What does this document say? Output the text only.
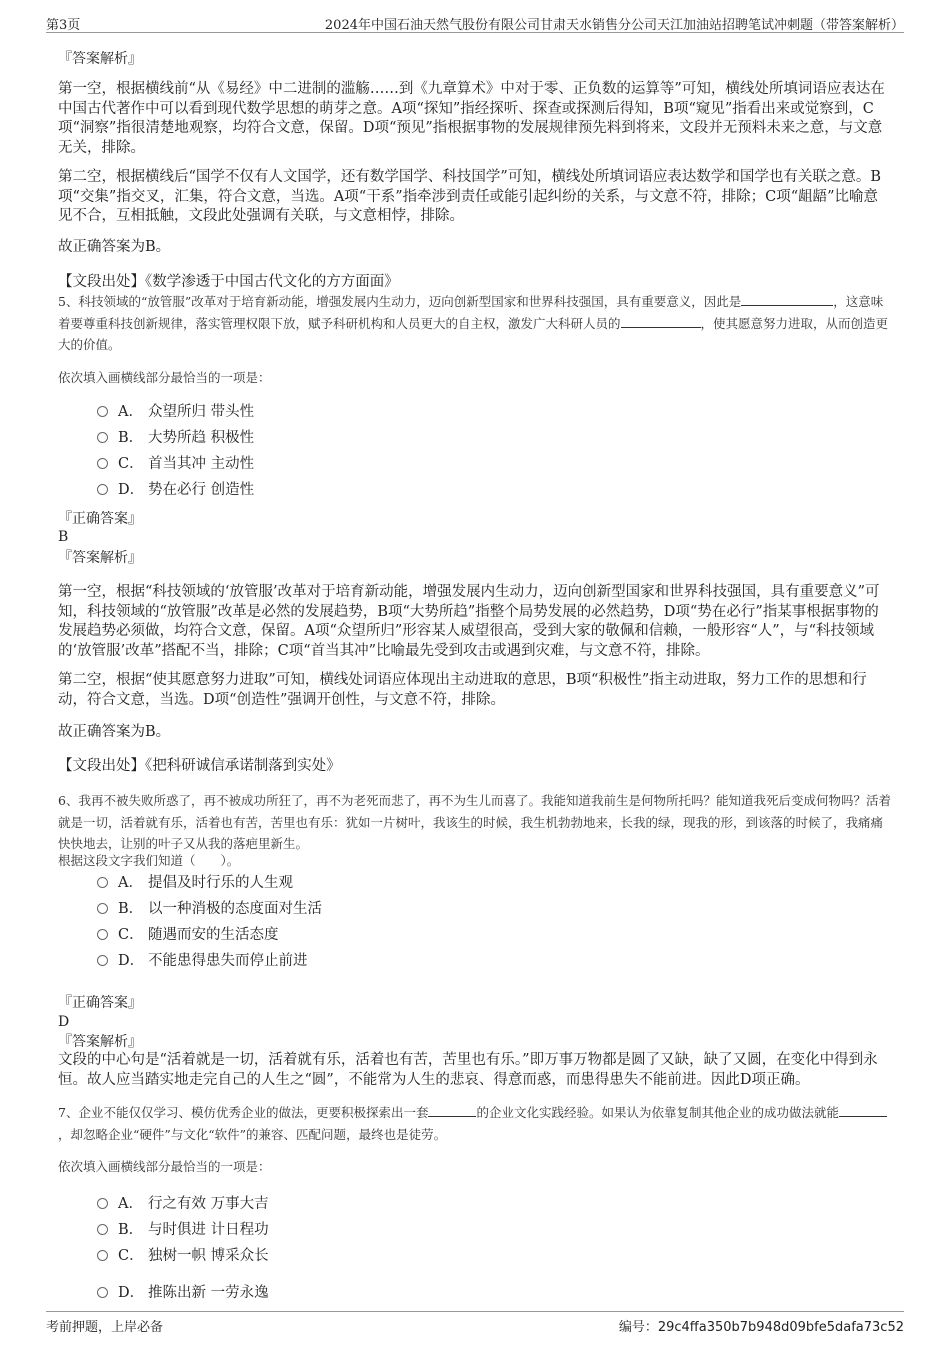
第3页	2024年中国石油天然气股份有限公司甘肃天水销售分公司天江加油站招聘笔试冲刺题（带答案解析）
『答案解析』
第一空，根据横线前“从《易经》中二进制的滥觞……到《九章算术》中对于零、正负数的运算等”可知，横线处所填词语应表达在中国古代著作中可以看到现代数学思想的萌芽之意。A项“探知”指经探听、探查或探测后得知，B项“窥见”指看出来或觉察到，C项“洞察”指很清楚地观察，均符合文意，保留。D项“预见”指根据事物的发展规律预先料到将来，文段并无预料未来之意，与文意无关，排除。
第二空，根据横线后“国学不仅有人文国学，还有数学国学、科技国学”可知，横线处所填词语应表达数学和国学也有关联之意。B项“交集”指交叉，汇集，符合文意，当选。A项“干系”指牵涉到责任或能引起纠纷的关系，与文意不符，排除；C项“龃龉”比喻意见不合，互相抵触，文段此处强调有关联，与文意相悖，排除。
故正确答案为B。
【文段出处】《数学渗透于中国古代文化的方方面面》
5、科技领域的“放管服”改革对于培育新动能，增强发展内生动力，迈向创新型国家和世界科技强国，具有重要意义，因此是	，这意味着要尊重科技创新规律，落实管理权限下放，赋予科研机构和人员更大的自主权，激发广大科研人员的	，使其愿意努力进取，从而创造更大的价值。
依次填入画横线部分最恰当的一项是：
A． 众望所归 带头性
B． 大势所趋 积极性
C． 首当其冲 主动性
D． 势在必行 创造性
『正确答案』
B
『答案解析』
第一空，根据“科技领域的‘放管服’改革对于培育新动能，增强发展内生动力，迈向创新型国家和世界科技强国，具有重要意义”可知，科技领域的“放管服”改革是必然的发展趋势，B项“大势所趋”指整个局势发展的必然趋势，D项“势在必行”指某事根据事物的发展趋势必须做，均符合文意，保留。A项“众望所归”形容某人威望很高，受到大家的敬佩和信赖，一般形容“人”，与“科技领域的‘放管服’改革”搭配不当，排除；C项“首当其冲”比喻最先受到攻击或遇到灾难，与文意不符，排除。
第二空，根据“使其愿意努力进取”可知，横线处词语应体现出主动进取的意思，B项“积极性”指主动进取，努力工作的思想和行动，符合文意，当选。D项“创造性”强调开创性，与文意不符，排除。
故正确答案为B。
【文段出处】《把科研诚信承诺制落到实处》
6、我再不被失败所惑了，再不被成功所狂了，再不为老死而悲了，再不为生儿而喜了。我能知道我前生是何物所托吗？能知道我死后变成何物吗？活着就是一切，活着就有乐，活着也有苦，苦里也有乐：犹如一片树叶，我该生的时候，我生机勃勃地来，长我的绿，现我的形，到该落的时候了，我痛痛快快地去，让别的叶子又从我的落疤里新生。
根据这段文字我们知道（　　）。
A． 提倡及时行乐的人生观
B． 以一种消极的态度面对生活
C． 随遇而安的生活态度
D． 不能患得患失而停止前进
『正确答案』
D
『答案解析』
文段的中心句是“活着就是一切，活着就有乐，活着也有苦，苦里也有乐。”即万事万物都是圆了又缺，缺了又圆，在变化中得到永恒。故人应当踏实地走完自己的人生之“圆”，不能常为人生的悲哀、得意而惑，而患得患失不能前进。因此D项正确。
7、企业不能仅仅学习、模仿优秀企业的做法，更要积极探索出一套	的企业文化实践经验。如果认为依靠复制其他企业的成功做法就能，却忽略企业“硬件”与文化“软件”的兼容、匹配问题，最终也是徒劳。
依次填入画横线部分最恰当的一项是：
A． 行之有效 万事大吉
B． 与时俱进 计日程功
C． 独树一帜 博采众长
D． 推陈出新 一劳永逸
考前押题，上岸必备	编号：29c4ffa350b7b948d09bfe5dafa73c52
